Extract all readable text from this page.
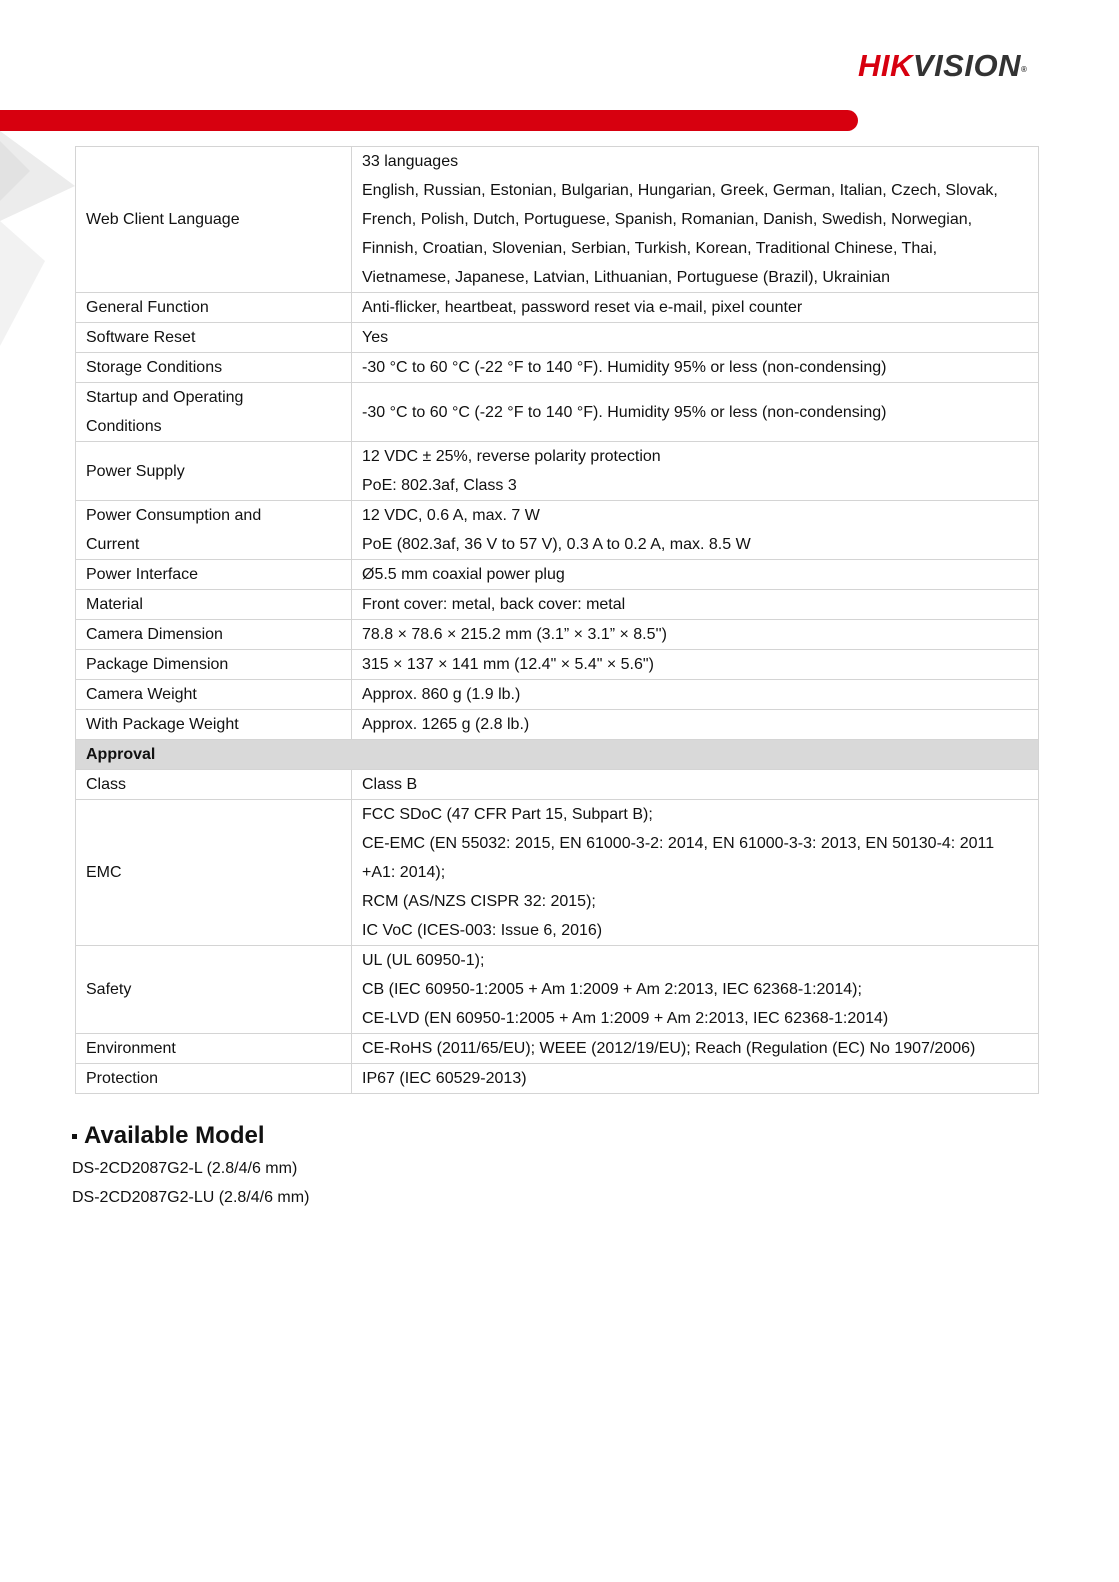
HIKVISION®
Web Client Language	33 languages
English, Russian, Estonian, Bulgarian, Hungarian, Greek, German, Italian, Czech, Slovak, French, Polish, Dutch, Portuguese, Spanish, Romanian, Danish, Swedish, Norwegian, Finnish, Croatian, Slovenian, Serbian, Turkish, Korean, Traditional Chinese, Thai, Vietnamese, Japanese, Latvian, Lithuanian, Portuguese (Brazil), Ukrainian

General Function	Anti-flicker, heartbeat, password reset via e-mail, pixel counter

Software Reset	Yes

Storage Conditions	-30 °C to 60 °C (-22 °F to 140 °F). Humidity 95% or less (non-condensing)

Startup and Operating Conditions	-30 °C to 60 °C (-22 °F to 140 °F). Humidity 95% or less (non-condensing)

Power Supply	12 VDC ± 25%, reverse polarity protection
PoE: 802.3af, Class 3

Power Consumption and Current	12 VDC, 0.6 A, max. 7 W
PoE (802.3af, 36 V to 57 V), 0.3 A to 0.2 A, max. 8.5 W

Power Interface	Ø5.5 mm coaxial power plug

Material	Front cover: metal, back cover: metal

Camera Dimension	78.8 × 78.6 × 215.2 mm (3.1” × 3.1” × 8.5'')

Package Dimension	315 × 137 × 141 mm (12.4" × 5.4" × 5.6")

Camera Weight	Approx. 860 g (1.9 lb.)

With Package Weight	Approx. 1265 g (2.8 lb.)

Approval	
Class	Class B

EMC	FCC SDoC (47 CFR Part 15, Subpart B);
CE-EMC (EN 55032: 2015, EN 61000-3-2: 2014, EN 61000-3-3: 2013, EN 50130-4: 2011 +A1: 2014);
RCM (AS/NZS CISPR 32: 2015);
IC VoC (ICES-003: Issue 6, 2016)

Safety	UL (UL 60950-1);
CB (IEC 60950-1:2005 + Am 1:2009 + Am 2:2013, IEC 62368-1:2014);
CE-LVD (EN 60950-1:2005 + Am 1:2009 + Am 2:2013, IEC 62368-1:2014)

Environment	CE-RoHS (2011/65/EU); WEEE (2012/19/EU); Reach (Regulation (EC) No 1907/2006)

Protection	IP67 (IEC 60529-2013)
Available Model
DS-2CD2087G2-L (2.8/4/6 mm)
DS-2CD2087G2-LU (2.8/4/6 mm)
